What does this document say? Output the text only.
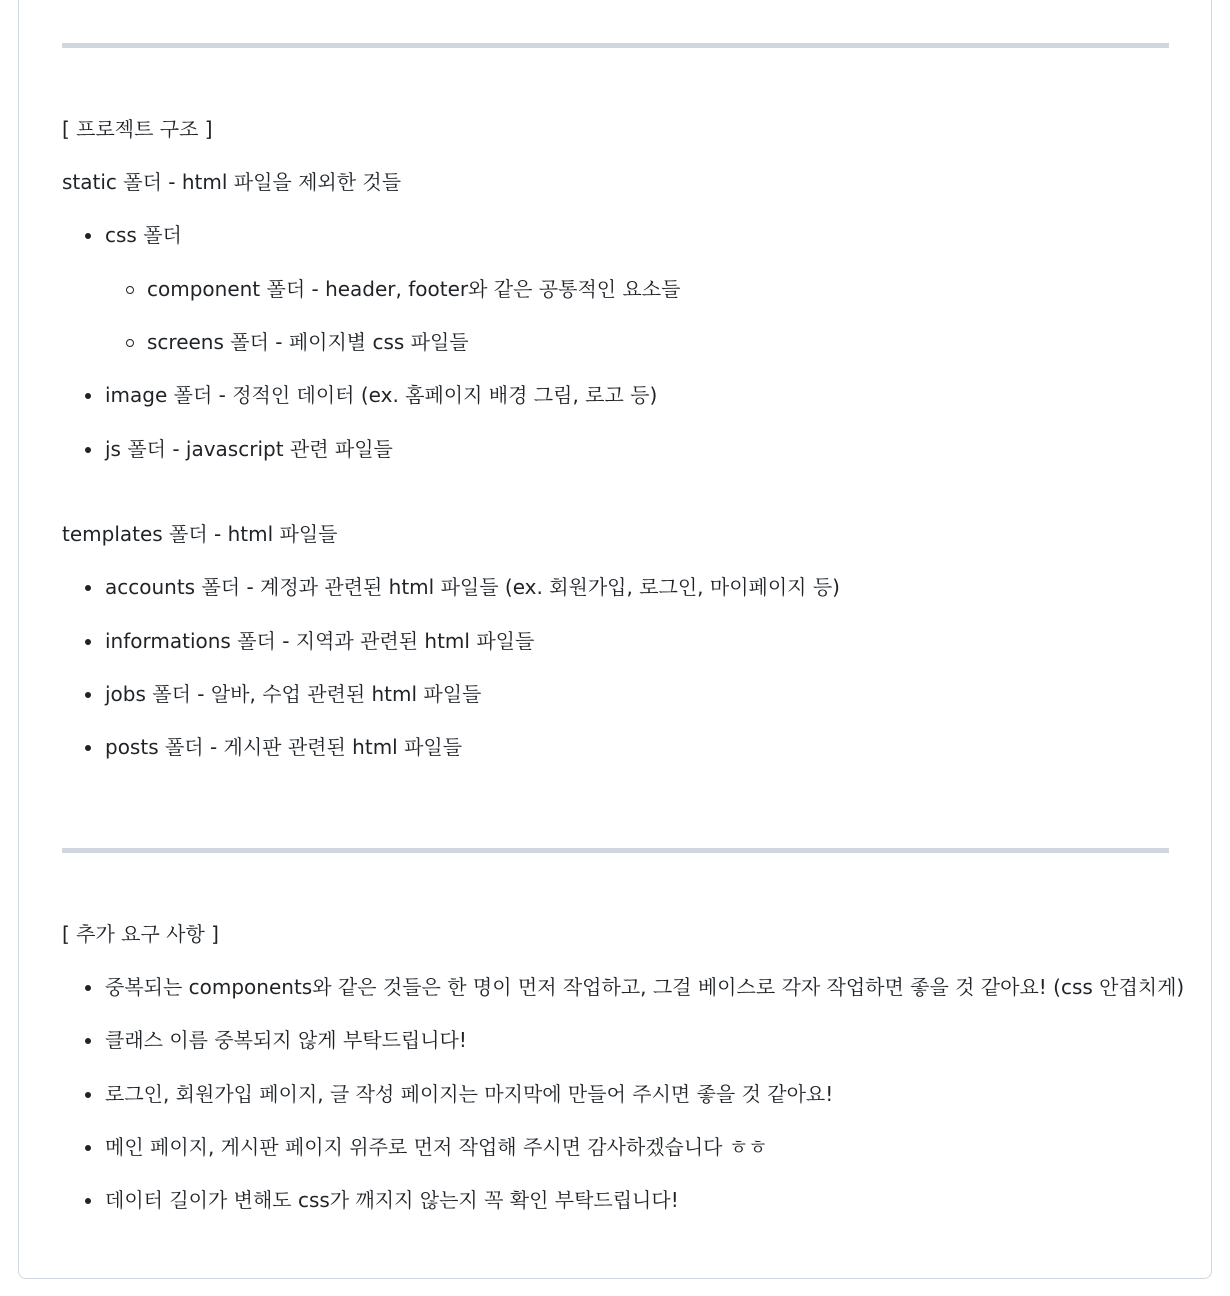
[ 프로젝트 구조 ]

static 폴더 - html 파일을 제외한 것들

css 폴더
component 폴더 - header, footer와 같은 공통적인 요소들
screens 폴더 - 페이지별 css 파일들
image 폴더 - 정적인 데이터 (ex. 홈페이지 배경 그림, 로고 등)
js 폴더 - javascript 관련 파일들

templates 폴더 - html 파일들

accounts 폴더 - 계정과 관련된 html 파일들 (ex. 회원가입, 로그인, 마이페이지 등)
informations 폴더 - 지역과 관련된 html 파일들
jobs 폴더 - 알바, 수업 관련된 html 파일들
posts 폴더 - 게시판 관련된 html 파일들

[ 추가 요구 사항 ]

중복되는 components와 같은 것들은 한 명이 먼저 작업하고, 그걸 베이스로 각자 작업하면 좋을 것 같아요! (css 안겹치게)
클래스 이름 중복되지 않게 부탁드립니다!
로그인, 회원가입 페이지, 글 작성 페이지는 마지막에 만들어 주시면 좋을 것 같아요!
메인 페이지, 게시판 페이지 위주로 먼저 작업해 주시면 감사하겠습니다 ㅎㅎ
데이터 길이가 변해도 css가 깨지지 않는지 꼭 확인 부탁드립니다!
